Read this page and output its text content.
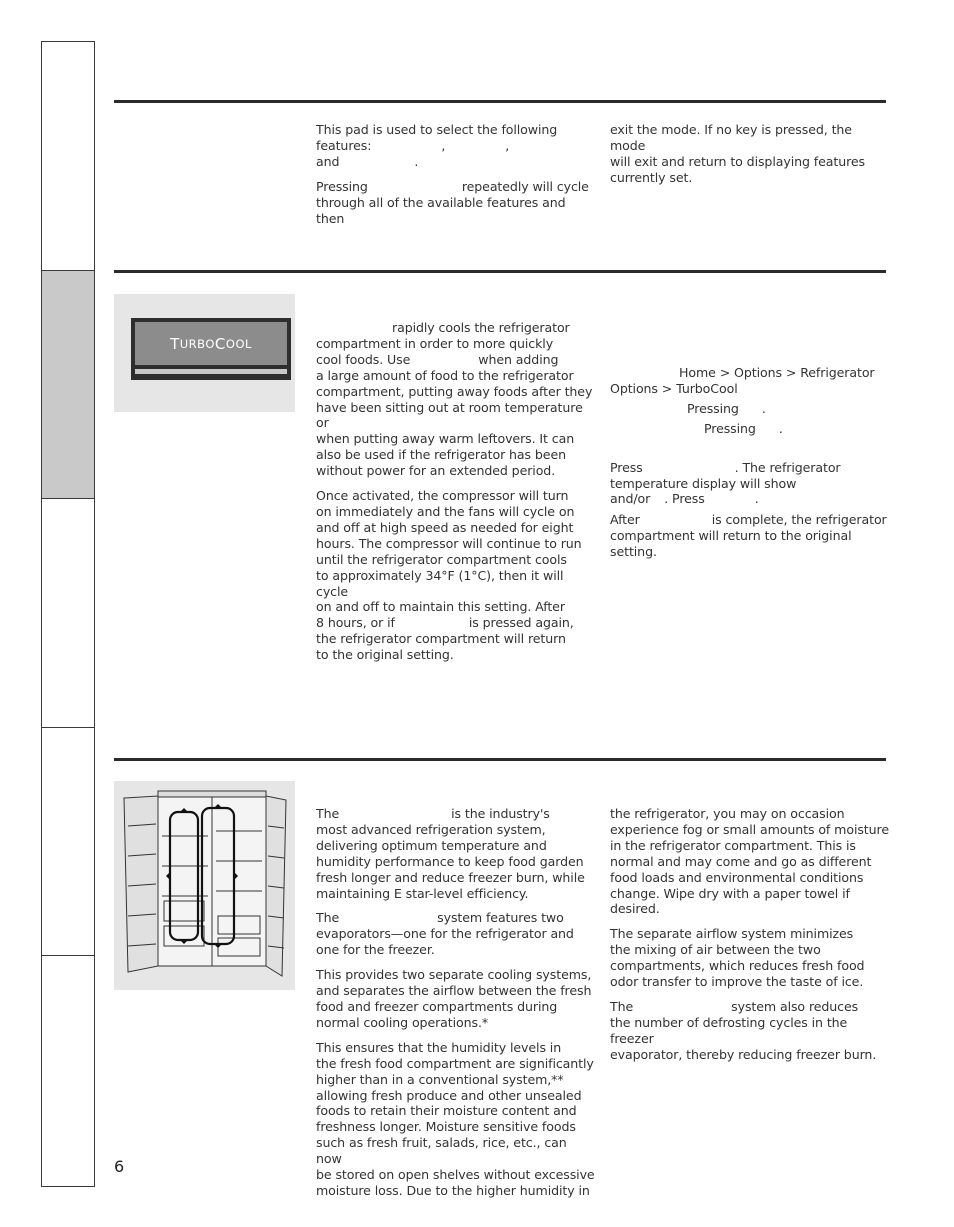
This pad is used to select the following
features:	,	,
and	.

Pressing	repeatedly will cycle
through all of the available features and then

exit the mode. If no key is pressed, the mode
will exit and return to displaying features
currently set.

T URBO C OOL

rapidly cools the refrigerator
compartment in order to more quickly
cool foods. Use	when adding
a large amount of food to the refrigerator
compartment, putting away foods after they
have been sitting out at room temperature or
when putting away warm leftovers. It can
also be used if the refrigerator has been
without power for an extended period.

Once activated, the compressor will turn
on immediately and the fans will cycle on
and off at high speed as needed for eight
hours. The compressor will continue to run
until the refrigerator compartment cools
to approximately 34°F (1°C), then it will cycle
on and off to maintain this setting. After
8 hours, or if	is pressed again,
the refrigerator compartment will return
to the original setting.

Home > Options > Refrigerator
Options > TurboCool

Pressing .
Pressing .

Press	. The refrigerator
temperature display will show
and/or . Press	.

After	is complete, the refrigerator
compartment will return to the original
setting.

The	is the industry's
most advanced refrigeration system,
delivering optimum temperature and
humidity performance to keep food garden
fresh longer and reduce freezer burn, while
maintaining E star-level efficiency.

The	system features two
evaporators—one for the refrigerator and
one for the freezer.

This provides two separate cooling systems,
and separates the airflow between the fresh
food and freezer compartments during
normal cooling operations.*

This ensures that the humidity levels in
the fresh food compartment are significantly
higher than in a conventional system,**
allowing fresh produce and other unsealed
foods to retain their moisture content and
freshness longer. Moisture sensitive foods
such as fresh fruit, salads, rice, etc., can now
be stored on open shelves without excessive
moisture loss. Due to the higher humidity in

the refrigerator, you may on occasion
experience fog or small amounts of moisture
in the refrigerator compartment. This is
normal and may come and go as different
food loads and environmental conditions
change. Wipe dry with a paper towel if
desired.

The separate airflow system minimizes
the mixing of air between the two
compartments, which reduces fresh food
odor transfer to improve the taste of ice.

The	system also reduces
the number of defrosting cycles in the freezer
evaporator, thereby reducing freezer burn.

6
